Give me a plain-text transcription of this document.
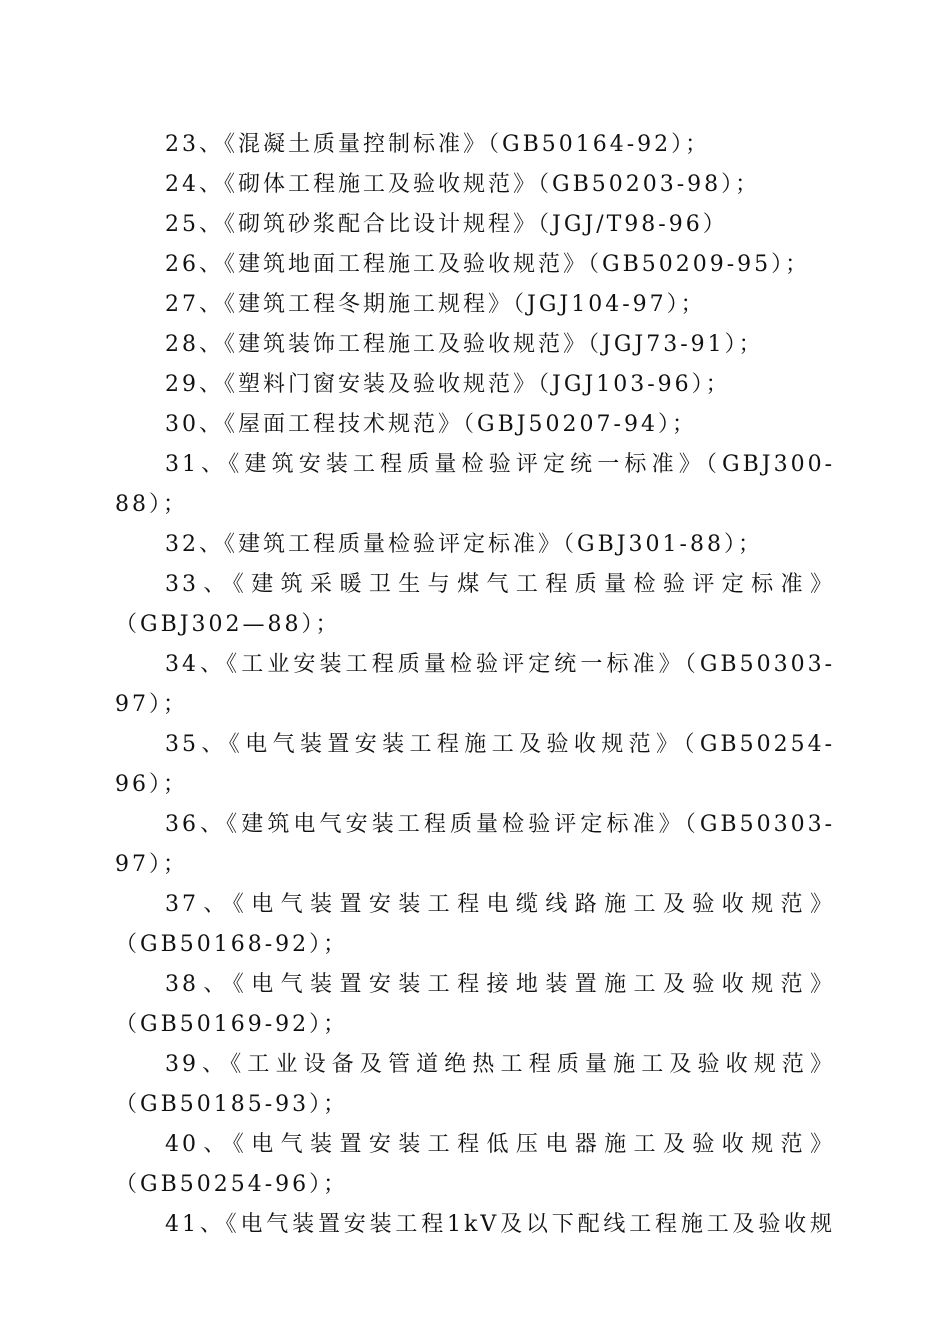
23、《混凝土质量控制标准》（GB50164-92）；
24、《砌体工程施工及验收规范》（GB50203-98）；
25、《砌筑砂浆配合比设计规程》（JGJ/T98-96）
26、《建筑地面工程施工及验收规范》（GB50209-95）；
27、《建筑工程冬期施工规程》（JGJ104-97）；
28、《建筑装饰工程施工及验收规范》（JGJ73-91）；
29、《塑料门窗安装及验收规范》（JGJ103-96）；
30、《屋面工程技术规范》（GBJ50207-94）；
31、《建筑安装工程质量检验评定统一标准》（GBJ300-
88）；
32、《建筑工程质量检验评定标准》（GBJ301-88）；
33、《建筑采暖卫生与煤气工程质量检验评定标准》
（GBJ302—88）；
34、《工业安装工程质量检验评定统一标准》（GB50303-
97）；
35、《电气装置安装工程施工及验收规范》（GB50254-
96）；
36、《建筑电气安装工程质量检验评定标准》（GB50303-
97）；
37、《电气装置安装工程电缆线路施工及验收规范》
（GB50168-92）；
38、《电气装置安装工程接地装置施工及验收规范》
（GB50169-92）；
39、《工业设备及管道绝热工程质量施工及验收规范》
（GB50185-93）；
40、《电气装置安装工程低压电器施工及验收规范》
（GB50254-96）；
41、《电气装置安装工程1kV及以下配线工程施工及验收规
